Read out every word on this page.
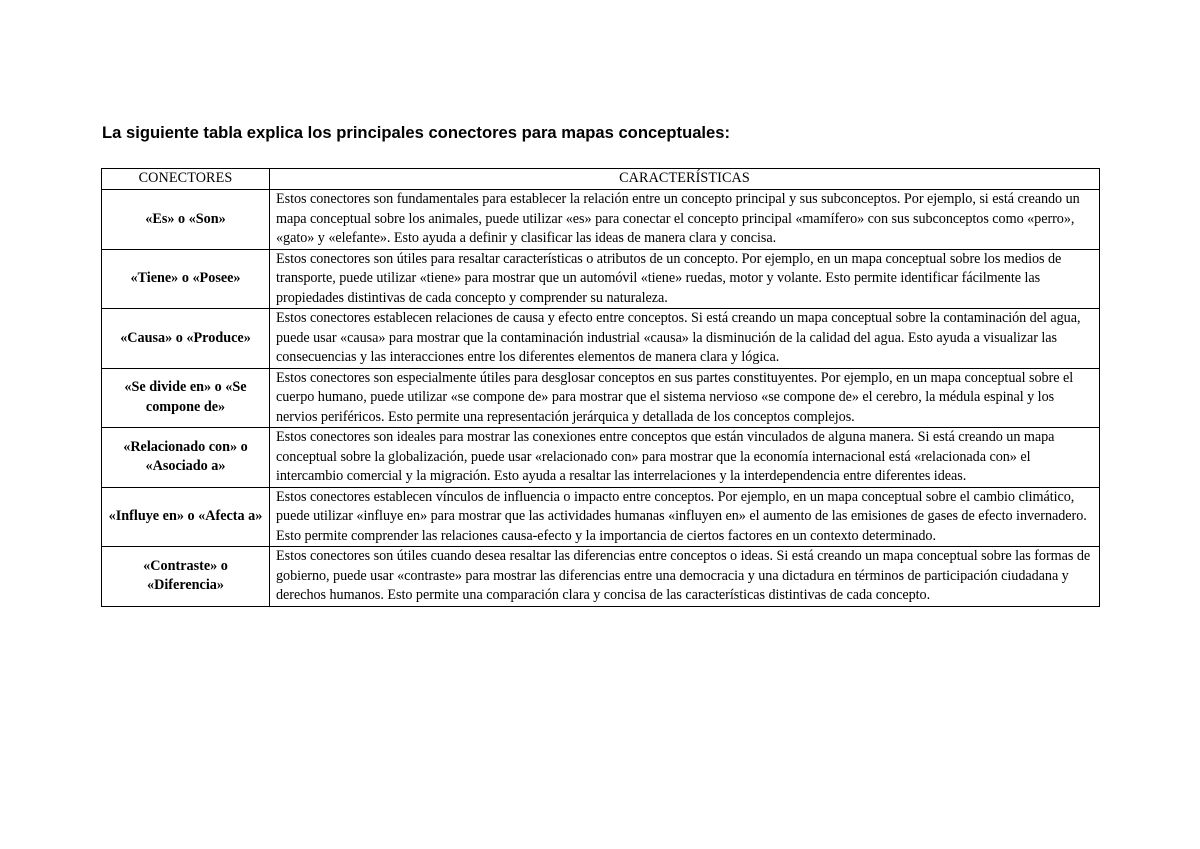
La siguiente tabla explica los principales conectores para mapas conceptuales:
CONECTORES	CARACTERÍSTICAS
«Es» o «Son»	Estos conectores son fundamentales para establecer la relación entre un concepto principal y sus subconceptos. Por ejemplo, si está creando un mapa conceptual sobre los animales, puede utilizar «es» para conectar el concepto principal «mamífero» con sus subconceptos como «perro», «gato» y «elefante». Esto ayuda a definir y clasificar las ideas de manera clara y concisa.
«Tiene» o «Posee»	Estos conectores son útiles para resaltar características o atributos de un concepto. Por ejemplo, en un mapa conceptual sobre los medios de transporte, puede utilizar «tiene» para mostrar que un automóvil «tiene» ruedas, motor y volante. Esto permite identificar fácilmente las propiedades distintivas de cada concepto y comprender su naturaleza.
«Causa» o «Produce»	Estos conectores establecen relaciones de causa y efecto entre conceptos. Si está creando un mapa conceptual sobre la contaminación del agua, puede usar «causa» para mostrar que la contaminación industrial «causa» la disminución de la calidad del agua. Esto ayuda a visualizar las consecuencias y las interacciones entre los diferentes elementos de manera clara y lógica.
«Se divide en» o «Se compone de»	Estos conectores son especialmente útiles para desglosar conceptos en sus partes constituyentes. Por ejemplo, en un mapa conceptual sobre el cuerpo humano, puede utilizar «se compone de» para mostrar que el sistema nervioso «se compone de» el cerebro, la médula espinal y los nervios periféricos. Esto permite una representación jerárquica y detallada de los conceptos complejos.
«Relacionado con» o «Asociado a»	Estos conectores son ideales para mostrar las conexiones entre conceptos que están vinculados de alguna manera. Si está creando un mapa conceptual sobre la globalización, puede usar «relacionado con» para mostrar que la economía internacional está «relacionada con» el intercambio comercial y la migración. Esto ayuda a resaltar las interrelaciones y la interdependencia entre diferentes ideas.
«Influye en» o «Afecta a»	Estos conectores establecen vínculos de influencia o impacto entre conceptos. Por ejemplo, en un mapa conceptual sobre el cambio climático, puede utilizar «influye en» para mostrar que las actividades humanas «influyen en» el aumento de las emisiones de gases de efecto invernadero. Esto permite comprender las relaciones causa-efecto y la importancia de ciertos factores en un contexto determinado.
«Contraste» o «Diferencia»	Estos conectores son útiles cuando desea resaltar las diferencias entre conceptos o ideas. Si está creando un mapa conceptual sobre las formas de gobierno, puede usar «contraste» para mostrar las diferencias entre una democracia y una dictadura en términos de participación ciudadana y derechos humanos. Esto permite una comparación clara y concisa de las características distintivas de cada concepto.
